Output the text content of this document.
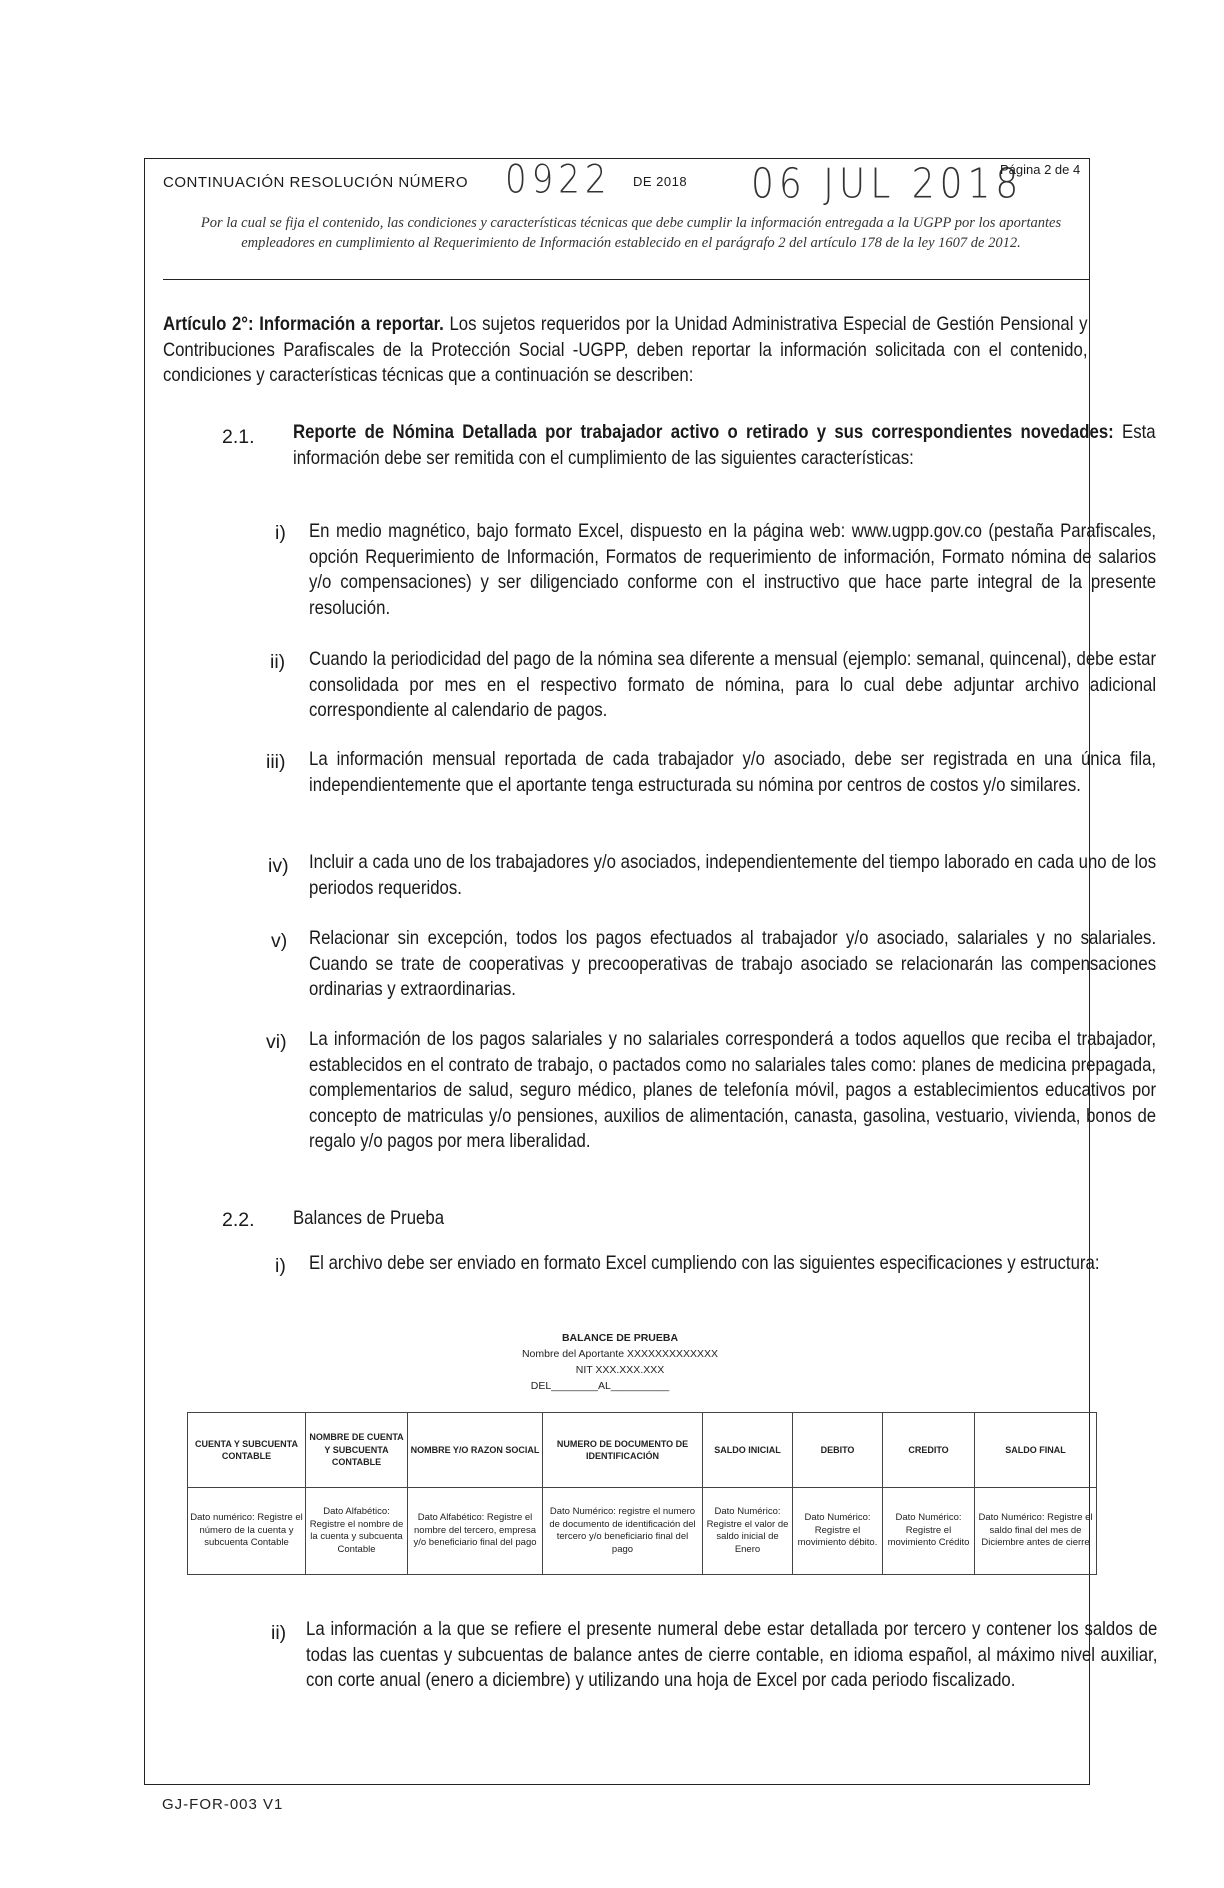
CONTINUACIÓN RESOLUCIÓN NÚMERO 0922 DE 2018 06 JUL 2018
Página 2 de 4
Por la cual se fija el contenido, las condiciones y características técnicas que debe cumplir la información entregada a la UGPP por los aportantes empleadores en cumplimiento al Requerimiento de Información establecido en el parágrafo 2 del artículo 178 de la ley 1607 de 2012.
Artículo 2°: Información a reportar. Los sujetos requeridos por la Unidad Administrativa Especial de Gestión Pensional y Contribuciones Parafiscales de la Protección Social -UGPP, deben reportar la información solicitada con el contenido, condiciones y características técnicas que a continuación se describen:
2.1. Reporte de Nómina Detallada por trabajador activo o retirado y sus correspondientes novedades: Esta información debe ser remitida con el cumplimiento de las siguientes características:
i) En medio magnético, bajo formato Excel, dispuesto en la página web: www.ugpp.gov.co (pestaña Parafiscales, opción Requerimiento de Información, Formatos de requerimiento de información, Formato nómina de salarios y/o compensaciones) y ser diligenciado conforme con el instructivo que hace parte integral de la presente resolución.
ii) Cuando la periodicidad del pago de la nómina sea diferente a mensual (ejemplo: semanal, quincenal), debe estar consolidada por mes en el respectivo formato de nómina, para lo cual debe adjuntar archivo adicional correspondiente al calendario de pagos.
iii) La información mensual reportada de cada trabajador y/o asociado, debe ser registrada en una única fila, independientemente que el aportante tenga estructurada su nómina por centros de costos y/o similares.
iv) Incluir a cada uno de los trabajadores y/o asociados, independientemente del tiempo laborado en cada uno de los periodos requeridos.
v) Relacionar sin excepción, todos los pagos efectuados al trabajador y/o asociado, salariales y no salariales. Cuando se trate de cooperativas y precooperativas de trabajo asociado se relacionarán las compensaciones ordinarias y extraordinarias.
vi) La información de los pagos salariales y no salariales corresponderá a todos aquellos que reciba el trabajador, establecidos en el contrato de trabajo, o pactados como no salariales tales como: planes de medicina prepagada, complementarios de salud, seguro médico, planes de telefonía móvil, pagos a establecimientos educativos por concepto de matriculas y/o pensiones, auxilios de alimentación, canasta, gasolina, vestuario, vivienda, bonos de regalo y/o pagos por mera liberalidad.
2.2. Balances de Prueba
i) El archivo debe ser enviado en formato Excel cumpliendo con las siguientes especificaciones y estructura:
BALANCE DE PRUEBA
Nombre del Aportante XXXXXXXXXXXXX
NIT XXX.XXX.XXX
DEL________AL__________
CUENTA Y SUBCUENTA CONTABLE	NOMBRE DE CUENTA Y SUBCUENTA CONTABLE	NOMBRE Y/O RAZON SOCIAL	NUMERO DE DOCUMENTO DE IDENTIFICACIÓN	SALDO INICIAL	DEBITO	CREDITO	SALDO FINAL
Dato numérico: Registre el número de la cuenta y subcuenta Contable	Dato Alfabético: Registre el nombre de la cuenta y subcuenta Contable	Dato Alfabético: Registre el nombre del tercero, empresa y/o beneficiario final del pago	Dato Numérico: registre el numero de documento de identificación del tercero y/o beneficiario final del pago	Dato Numérico: Registre el valor de saldo inicial de Enero	Dato Numérico: Registre el movimiento débito.	Dato Numérico: Registre el movimiento Crédito	Dato Numérico: Registre el saldo final del mes de Diciembre antes de cierre
ii) La información a la que se refiere el presente numeral debe estar detallada por tercero y contener los saldos de todas las cuentas y subcuentas de balance antes de cierre contable, en idioma español, al máximo nivel auxiliar, con corte anual (enero a diciembre) y utilizando una hoja de Excel por cada periodo fiscalizado.
GJ-FOR-003 V1
